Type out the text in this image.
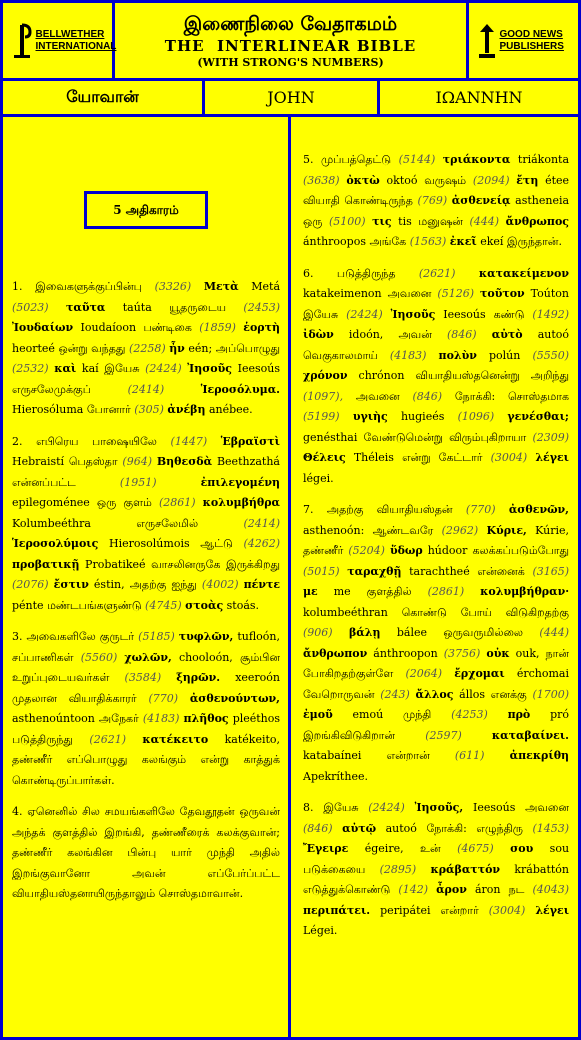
BELLWETHER INTERNATIONAL
இணைநிலை வேதாகமம்
THE  INTERLINEAR BIBLE
(WITH STRONG'S NUMBERS)
GOOD NEWS PUBLISHERS
யோவான்	JOHN	ΙΩΑΝΝΗΝ
5 அதிகாரம்
1. இவைகளுக்குப்பின்பு (3326) Μετὰ Metá (5023) ταῦτα taúta யூதருடைய (2453) Ἰουδαίων Ioudaíoon பண்டிகை (1859) ἑορτὴ heorteé ஒன்று வந்தது (2258) ἦν eén; அப்பொழுது (2532) καὶ kaí இயேசு (2424) Ἰησοῦς Ieesoús எருசலேமுக்குப்	(2414)	Ἱεροσόλυμα. Hierosóluma போனார் (305) ἀνέβη anébee.
2. எபிரெய பாஷையிலே (1447) Ἑβραϊστὶ Hebraistí பெதஸ்தா (964) Βηθεσδὰ Beethzathá என்னப்பட்ட	(1951)	ἐπιλεγομένη epilegoménee ஒரு குளம் (2861) κολυμβήθρα Kolumbeéthra	எருசலேமில்	(2414) Ἱεροσολύμοις Hierosolúmois ஆட்டு (4262) προβατικῇ Probatikeé வாசலினருகே இருக்கிறது (2076) ἔστιν éstin, அதற்கு ஐந்து (4002) πέντε pénte மண்டபங்களுண்டு (4745) στοὰς stoás.
3. அவைகளிலே குருடர் (5185) τυφλῶν, tufloón, சப்பாணிகள் (5560) χωλῶν, chooloón, சூம்பின உறுப்புடையவர்கள் (3584) ξηρῶν. xeeroón முதலான வியாதிக்காரர் (770) ἀσθενούντων, asthenoúntoon அநேகர் (4183) πλῆθος pleéthos படுத்திருந்து (2621) κατέκειτο katékeito, தண்ணீர் எப்பொழுது கலங்கும் என்று காத்துக் கொண்டிருப்பார்கள்.
4. ஏனெனில் சில சமயங்களிலே தேவதூதன் ஒருவன் அந்தக் குளத்தில் இறங்கி, தண்ணீரைக் கலக்குவான்; தண்ணீர் கலங்கின பின்பு யார் முந்தி அதில் இறங்குவானோ அவன் எப்பேர்ப்பட்ட வியாதியஸ்தனாயிருந்தாலும் சொஸ்தமாவான்.
5. முப்பத்தெட்டு (5144) τριάκοντα triákonta (3638) ὀκτὼ oktoó வருஷம் (2094) ἔτη étee வியாதி கொண்டிருந்த (769) ἀσθενείᾳ astheneia ஒரு (5100) τις tis மனுஷன் (444) ἄνθρωπος ánthroopos அங்கே (1563) ἐκεῖ ekeí இருந்தான்.
6. படுத்திருந்த (2621) κατακείμενον katakeimenon அவனை (5126) τοῦτον Toúton இயேசு (2424) Ἰησοῦς Ieesoús கண்டு (1492) ἰδὼν idoón, அவன் (846) αὐτὸ autoó வெகுகாலமாய் (4183) πολὺν polún (5550) χρόνον chrónon வியாதியஸ்தனென்று அறிந்து (1097), அவனை (846) நோக்கி: சொஸ்தமாக (5199) υγιὴς hugieés (1096) γενέσθαι; genésthai வேண்டுமென்று விரும்புகிறாயா (2309) Θέλεις Théleis என்று கேட்டார் (3004) λέγει légei.
7. அதற்கு வியாதியஸ்தன் (770) ἀσθενῶν, asthenoón: ஆண்டவரே (2962) Κύριε, Kúrie, தண்ணீர் (5204) ὕδωρ húdoor கலக்கப்படும்போது (5015) ταραχθῇ tarachtheé என்னைக் (3165) με me குளத்தில் (2861) κολυμβήθραν· kolumbeéthran கொண்டு போய் விடுகிறதற்கு (906) βάλῃ bálee ஒருவருமில்லை (444) ἄνθρωπον ánthroopon (3756) οὐκ ouk, நான் போகிறதற்குள்ளே (2064) ἔρχομαι érchomai வேறொருவன் (243) ἄλλος állos எனக்கு (1700) ἐμοῦ emoú முந்தி (4253) πρὸ pró இறங்கிவிடுகிறான்	(2597)	καταβαίνει. katabaínei என்றான் (611) ἀπεκρίθη Apekríthee.
8. இயேசு (2424) Ἰησοῦς, Ieesoús அவனை (846) αὐτῷ autoó நோக்கி: எழுந்திரு (1453) Ἔγειρε égeire, உன் (4675) σου sou படுக்கையை (2895) κράβαττόν krábattón எடுத்துக்கொண்டு (142) ἆρον áron நட (4043) περιπάτει. peripátei என்றார் (3004) λέγει Légei.
